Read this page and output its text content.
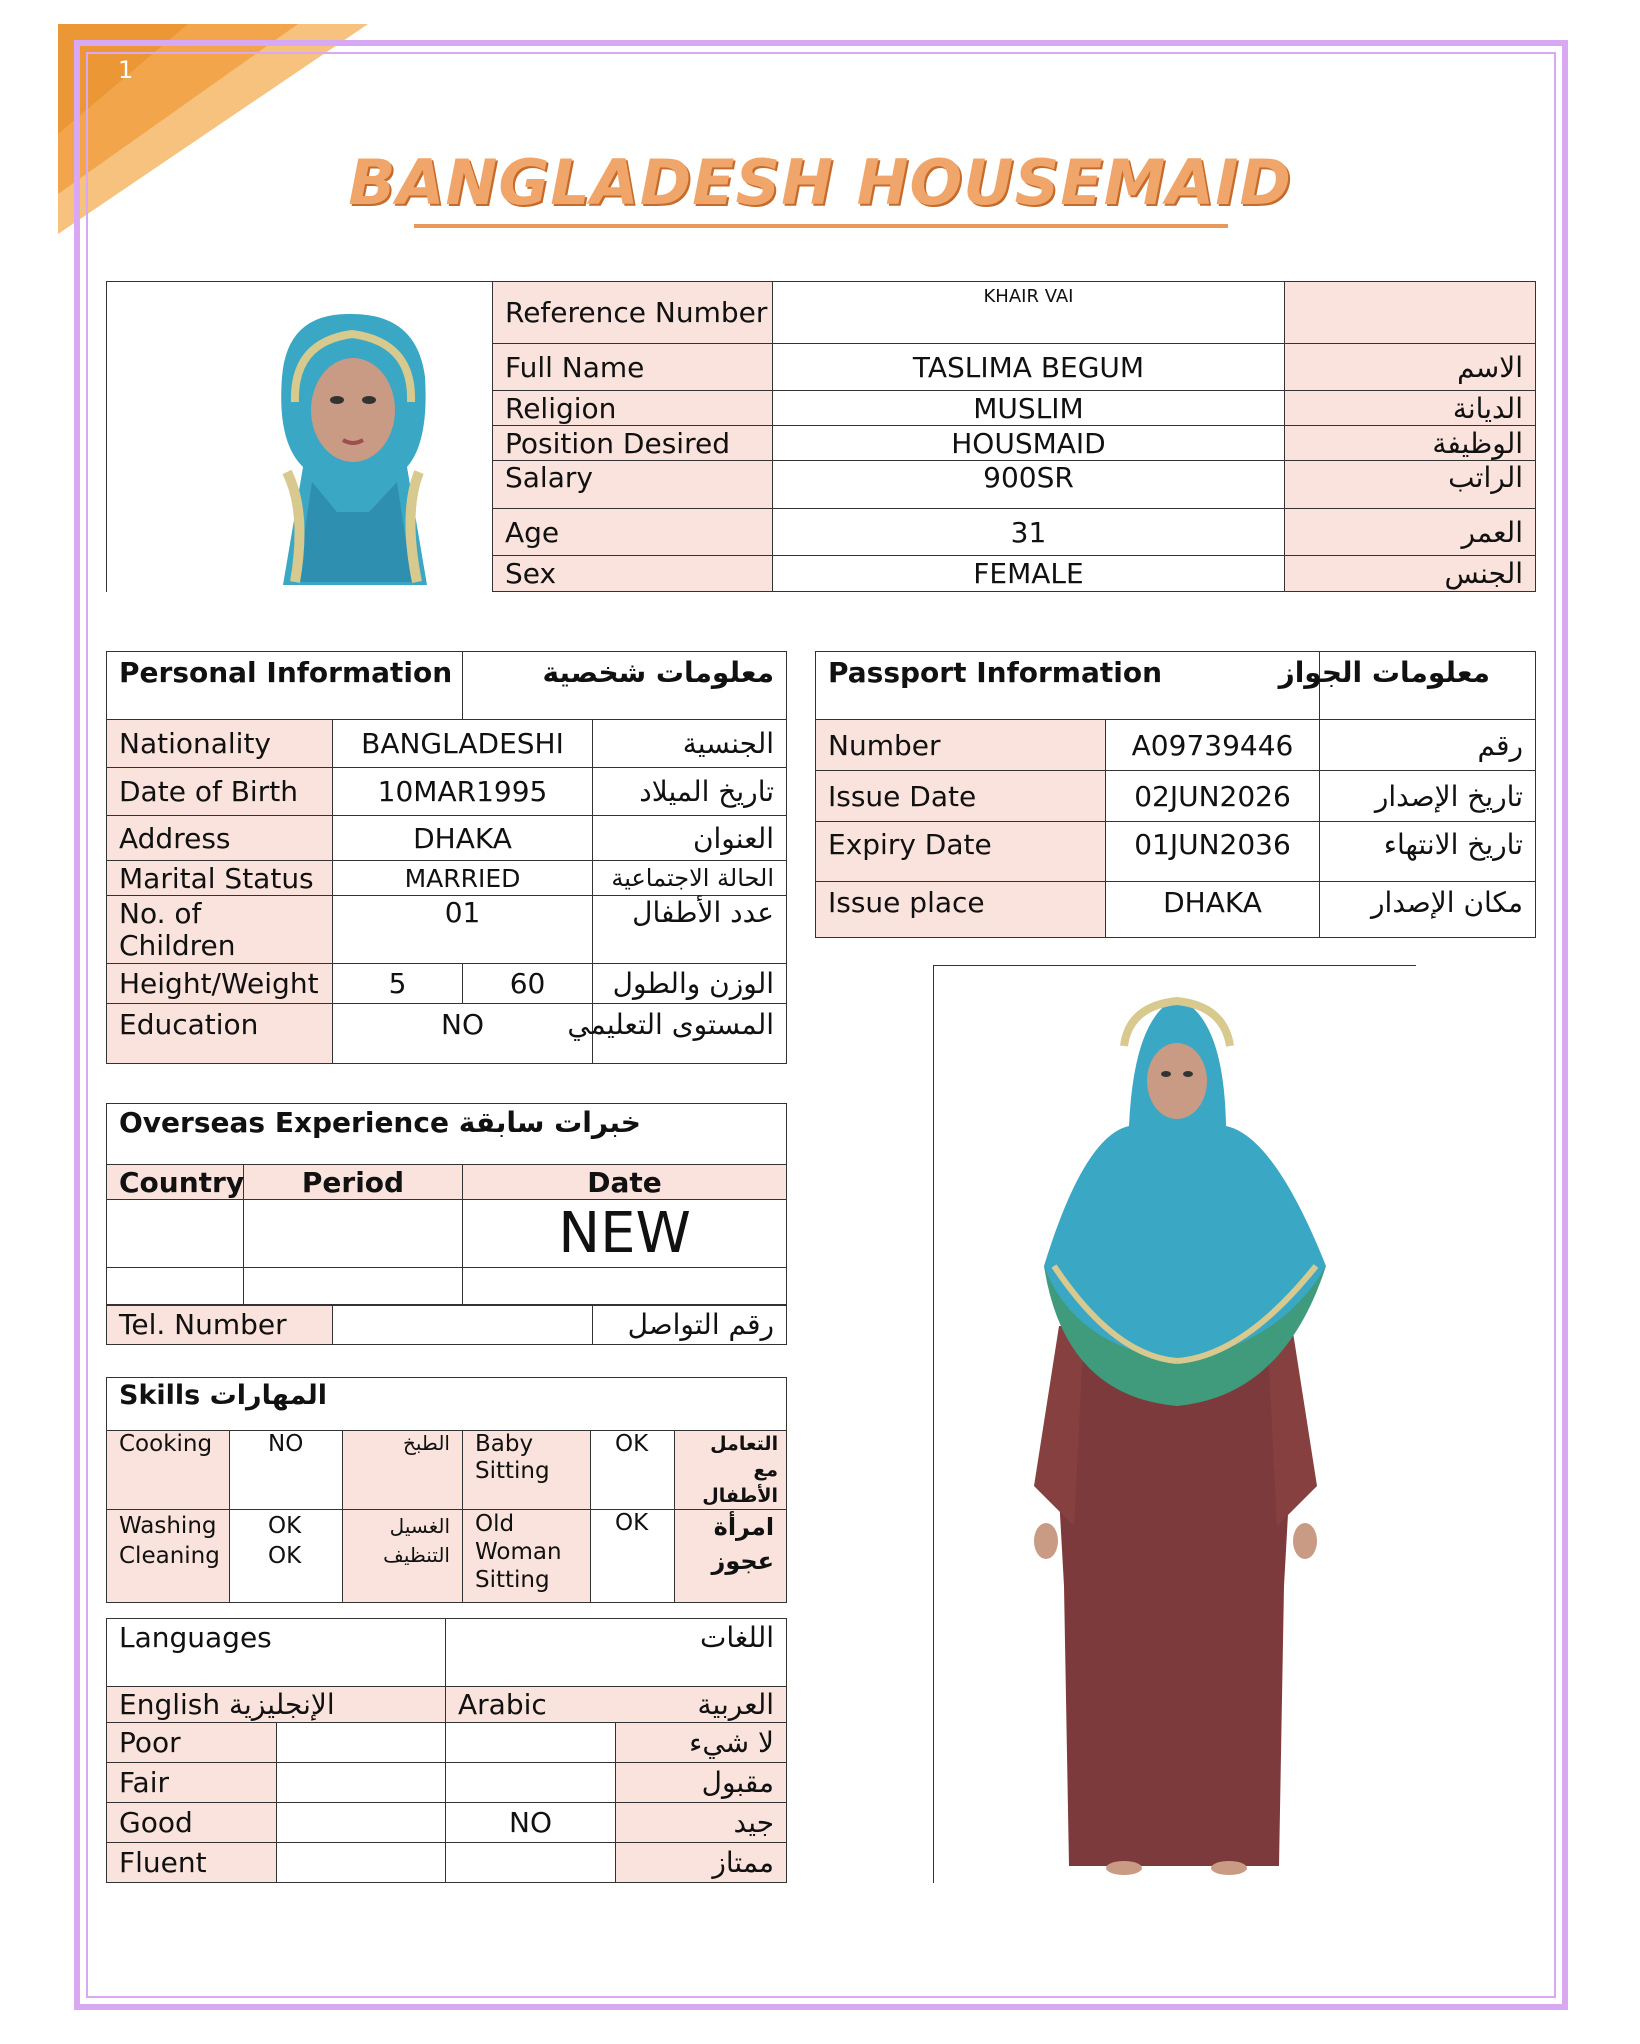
1
BANGLADESH HOUSEMAID
Reference Number	KHAIR VAI	
Full Name	TASLIMA BEGUM	الاسم
Religion	MUSLIM	الديانة
Position Desired	HOUSMAID	الوظيفة
Salary	900SR	الراتب
Age	31	العمر
Sex	FEMALE	الجنس
Personal Information		معلومات شخصية	
Nationality	BANGLADESHI		الجنسية
Date of Birth	10MAR1995		تاريخ الميلاد
Address	DHAKA		العنوان
Marital Status	MARRIED		الحالة الاجتماعية
No. of Children	01		عدد الأطفال
Height/Weight	5	60	الوزن والطول
Education	NO		المستوى التعليمي
Passport Information		معلومات الجواز
Number	A09739446	رقم
Issue Date	02JUN2026	تاريخ الإصدار
Expiry Date	01JUN2036	تاريخ الانتهاء
Issue place	DHAKA	مكان الإصدار
Overseas Experience خبرات سابقة				
Country	Period		Date	
			NEW	

Tel. Number				رقم التواصل
Skills المهارات					
Cooking	NO	الطبخ	Baby Sitting	OK	التعامل مع الأطفال
Washing	OK	الغسيل	Old Woman Sitting	OK	امرأة عجوز
Cleaning	OK	التنظيف			
Languages		اللغات	
English الإنجليزية		Arabic	العربية
Poor			لا شيء
Fair			مقبول
Good		NO	جيد
Fluent			ممتاز
